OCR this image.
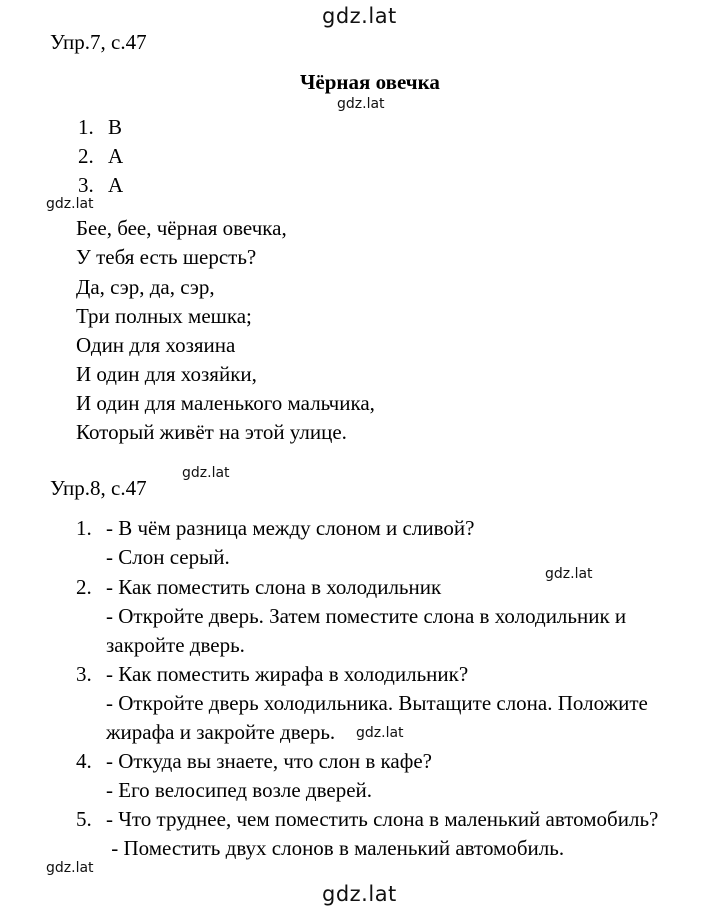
gdz.lat
gdz.lat
gdz.lat
gdz.lat
gdz.lat
gdz.lat
gdz.lat
gdz.lat
Упр.7, с.47
Чёрная овечка
1. B
2. A
3. A
Бее, бее, чёрная овечка,
У тебя есть шерсть?
Да, сэр, да, сэр,
Три полных мешка;
Один для хозяина
И один для хозяйки,
И один для маленького мальчика,
Который живёт на этой улице.
Упр.8, с.47
1. - В чём разница между слоном и сливой?
- Слон серый.
2. - Как поместить слона в холодильник
- Откройте дверь. Затем поместите слона в холодильник и
закройте дверь.
3. - Как поместить жирафа в холодильник?
- Откройте дверь холодильника. Вытащите слона. Положите
жирафа и закройте дверь.
4. - Откуда вы знаете, что слон в кафе?
- Его велосипед возле дверей.
5. - Что труднее, чем поместить слона в маленький автомобиль?
- Поместить двух слонов в маленький автомобиль.
